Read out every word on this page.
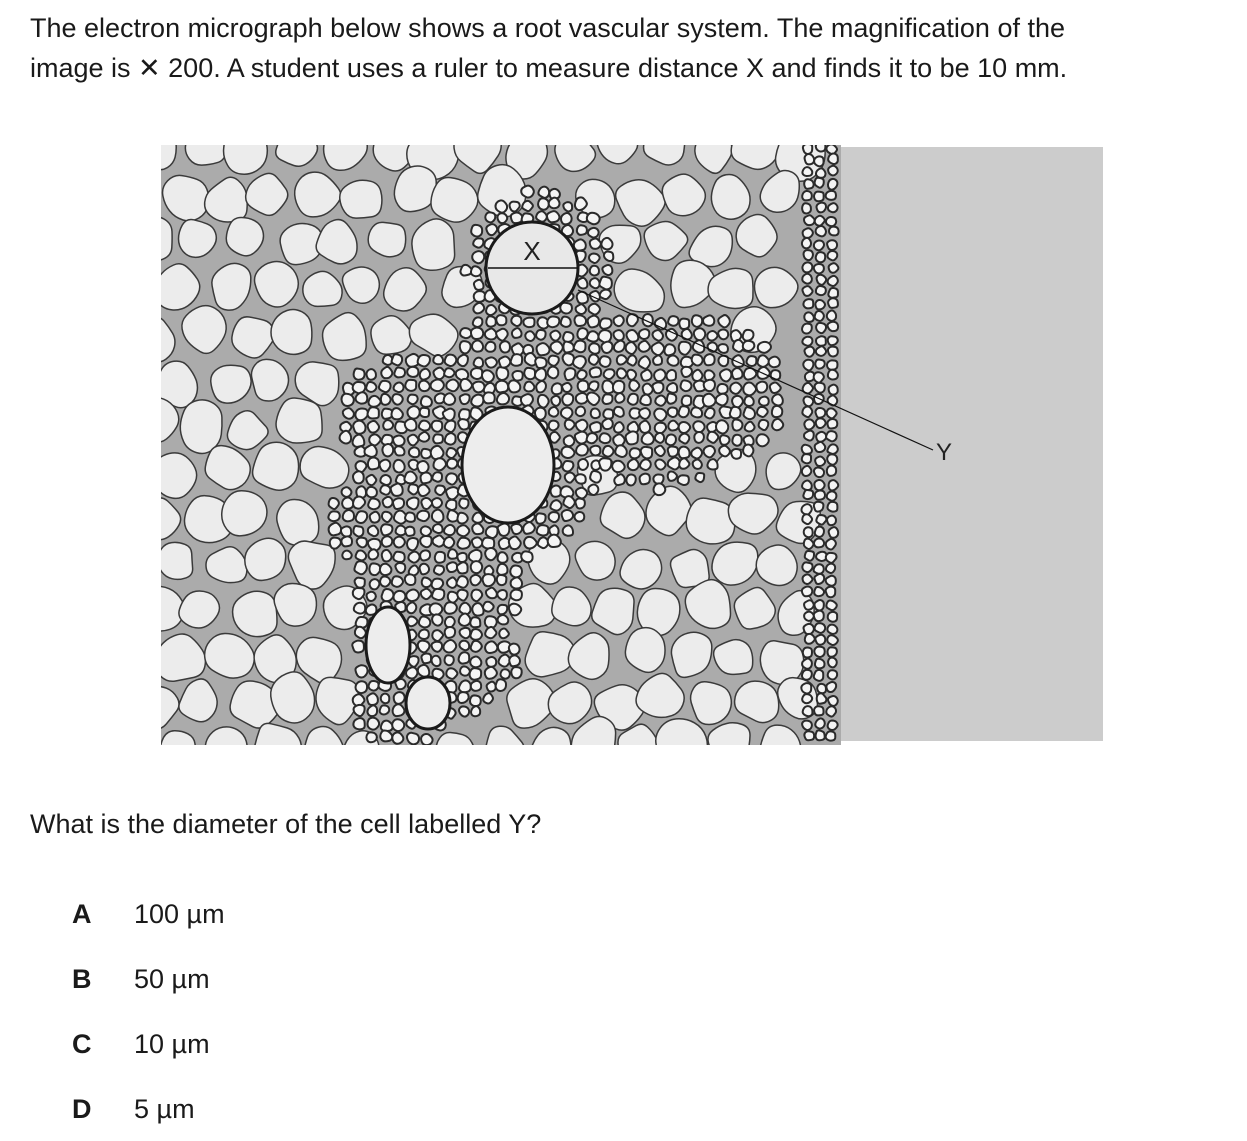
The electron micrograph below shows a root vascular system. The magnification of the
image is ✕ 200. A student uses a ruler to measure distance X and finds it to be 10 mm.

X
Y

What is the diameter of the cell labelled Y?

A	100 µm
B	50 µm
C	10 µm
D	5 µm
